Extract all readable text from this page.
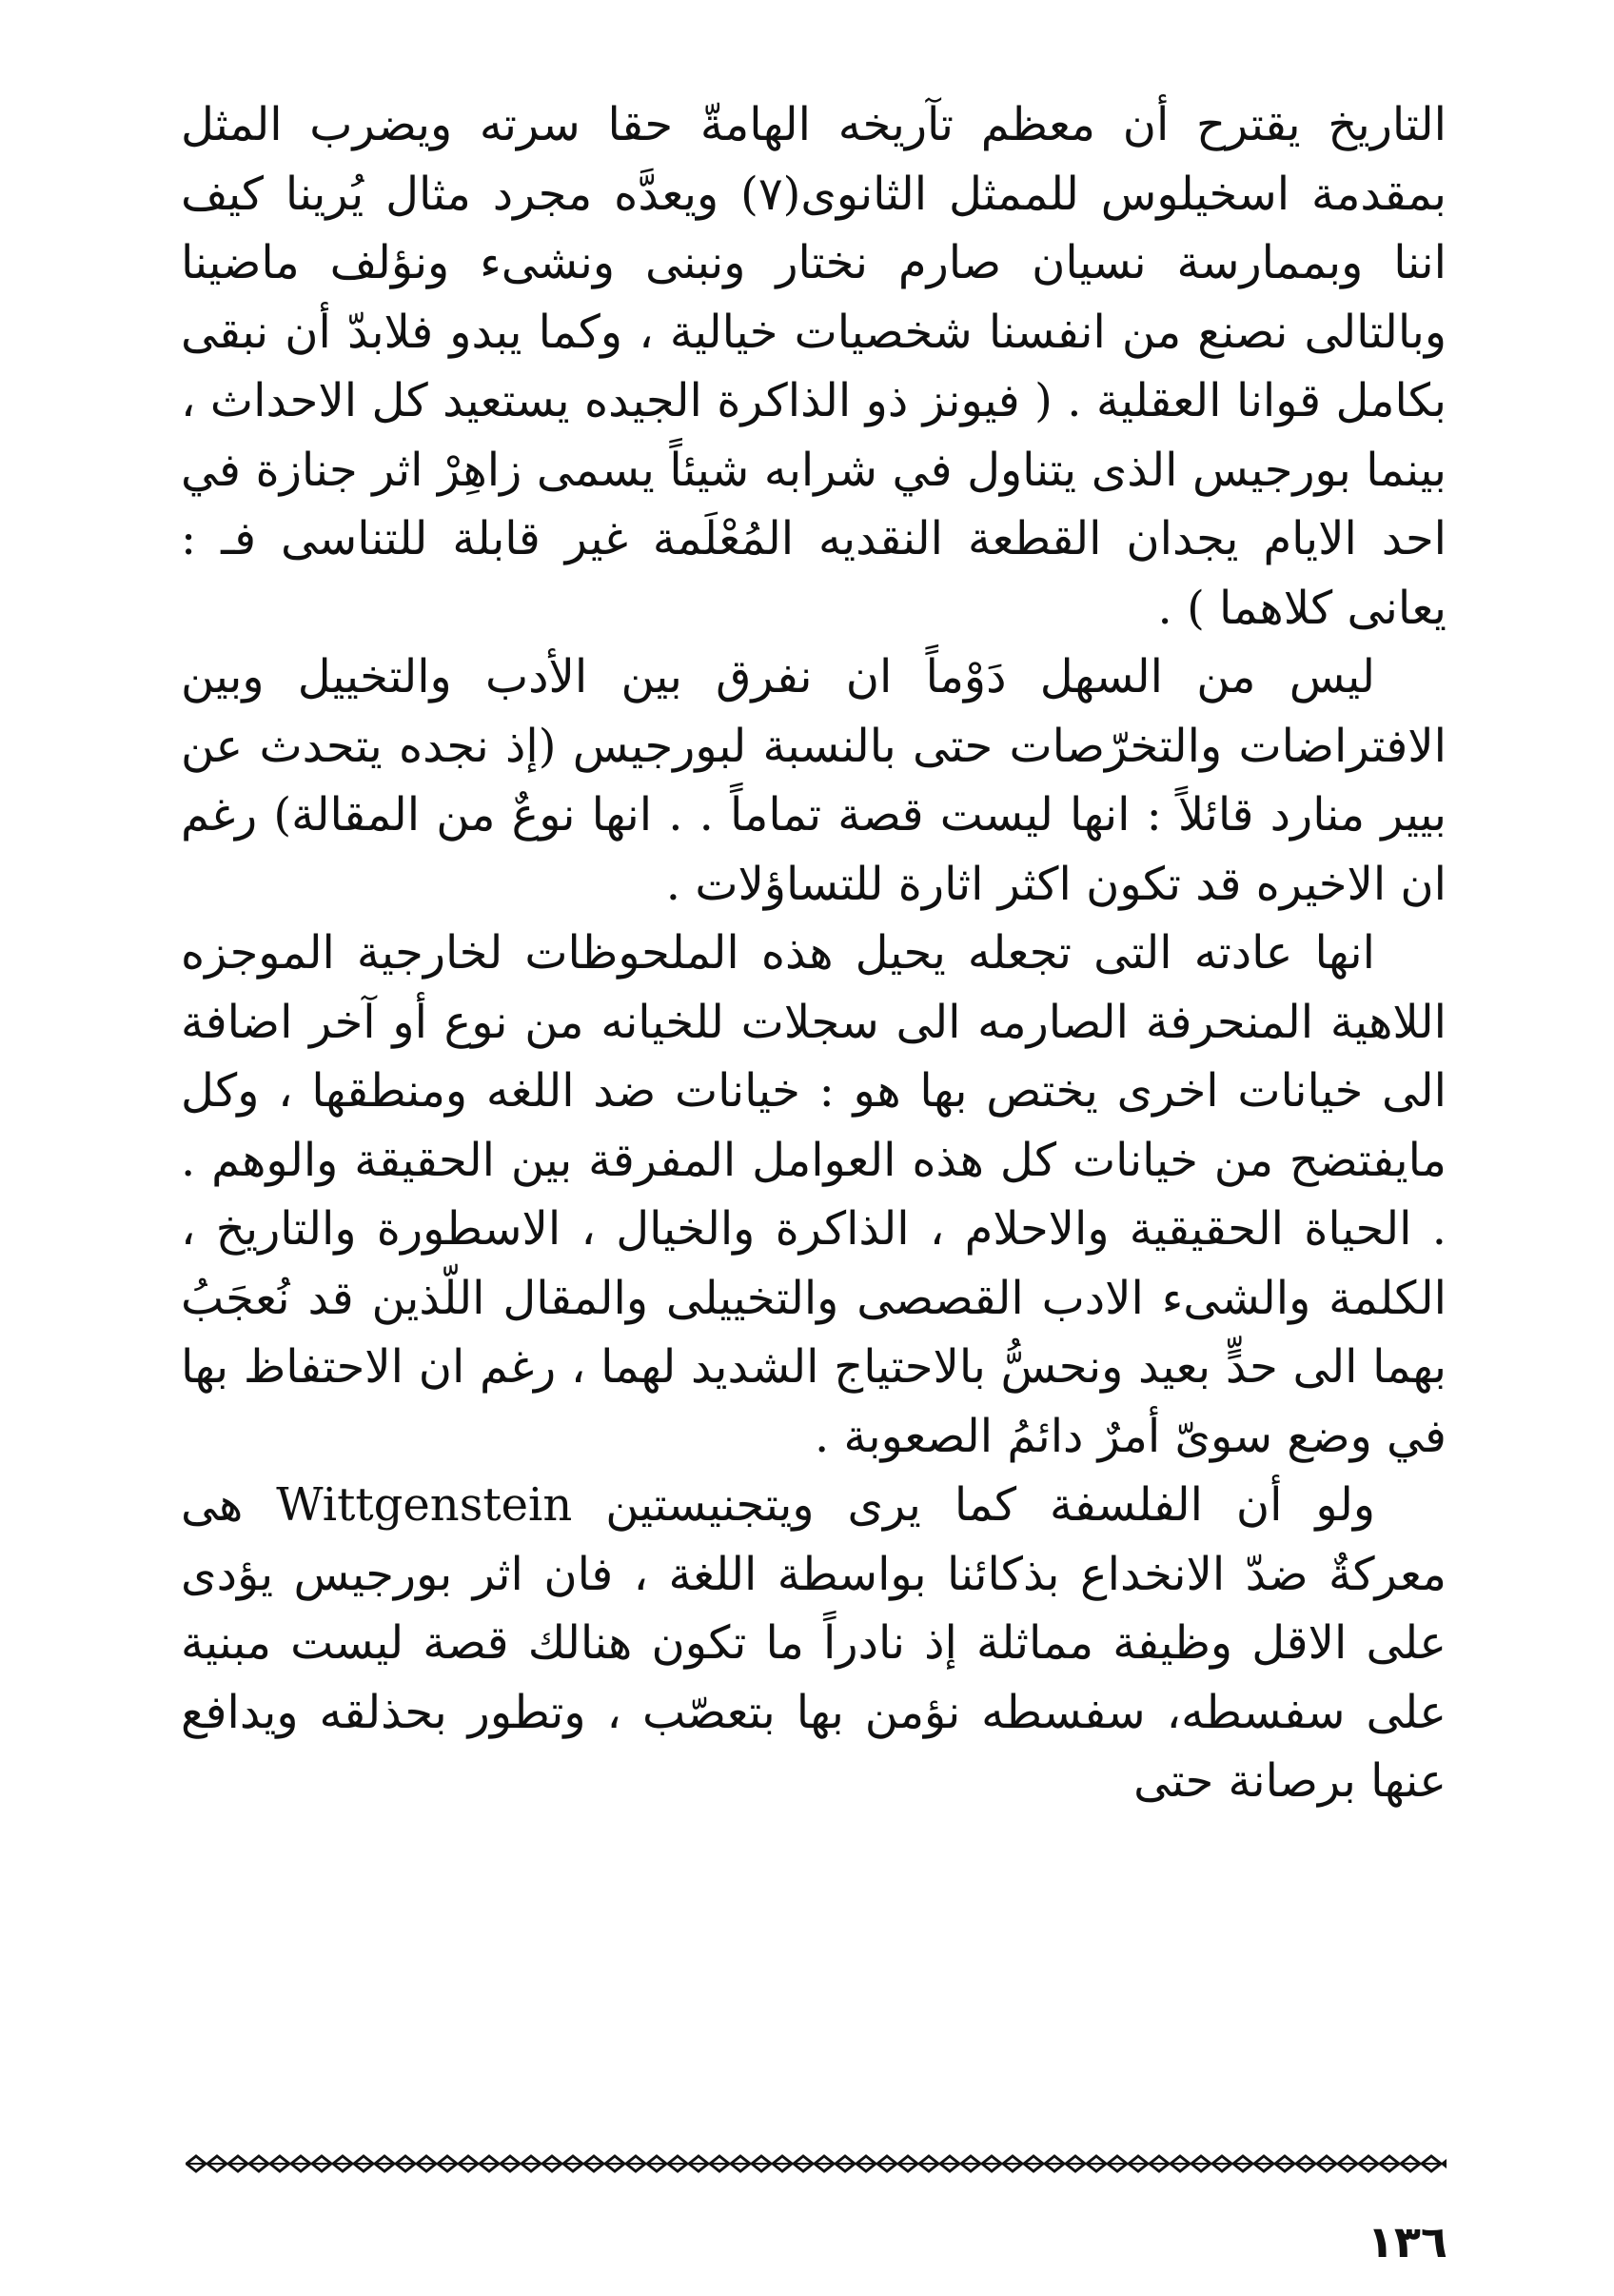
التاريخ يقترح أن معظم تآريخه الهامةّ حقا سرته ويضرب المثل بمقدمة اسخيلوس للممثل الثانوى(٧) ويعدَّه مجرد مثال يُرينا كيف اننا وبممارسة نسيان صارم نختار ونبنى ونشىء ونؤلف ماضينا وبالتالى نصنع من انفسنا شخصيات خيالية ، وكما يبدو فلابدّ أن نبقى بكامل قوانا العقلية . ( فيونز ذو الذاكرة الجيده يستعيد كل الاحداث ، بينما بورجيس الذى يتناول في شرابه شيئاً يسمى زاهِرْ اثر جنازة في احد الايام يجدان القطعة النقديه المُعْلَمة غير قابلة للتناسى فـ : يعانى كلاهما ) .

ليس من السهل دَوْماً ان نفرق بين الأدب والتخييل وبين الافتراضات والتخرّصات حتى بالنسبة لبورجيس (إذ نجده يتحدث عن بيير منارد قائلاً : انها ليست قصة تماماً . . انها نوعٌ من المقالة) رغم ان الاخيره قد تكون اكثر اثارة للتساؤلات .

انها عادته التى تجعله يحيل هذه الملحوظات لخارجية الموجزه اللاهية المنحرفة الصارمه الى سجلات للخيانه من نوع أو آخر اضافة الى خيانات اخرى يختص بها هو : خيانات ضد اللغه ومنطقها ، وكل مايفتضح من خيانات كل هذه العوامل المفرقة بين الحقيقة والوهم . . الحياة الحقيقية والاحلام ، الذاكرة والخيال ، الاسطورة والتاريخ ، الكلمة والشىء الادب القصصى والتخييلى والمقال اللّذين قد نُعجَبُ بهما الى حدٍّ بعيد ونحسُّ بالاحتياج الشديد لهما ، رغم ان الاحتفاظ بها في وضع سوىّ أمرٌ دائمُ الصعوبة .

ولو أن الفلسفة كما يرى ويتجنيستين Wittgenstein هى معركةٌ ضدّ الانخداع بذكائنا بواسطة اللغة ، فان اثر بورجيس يؤدى على الاقل وظيفة مماثلة إذ نادراً ما تكون هنالك قصة ليست مبنية على سفسطه، سفسطه نؤمن بها بتعصّب ، وتطور بحذلقه ويدافع عنها برصانة حتى

١٣٦
